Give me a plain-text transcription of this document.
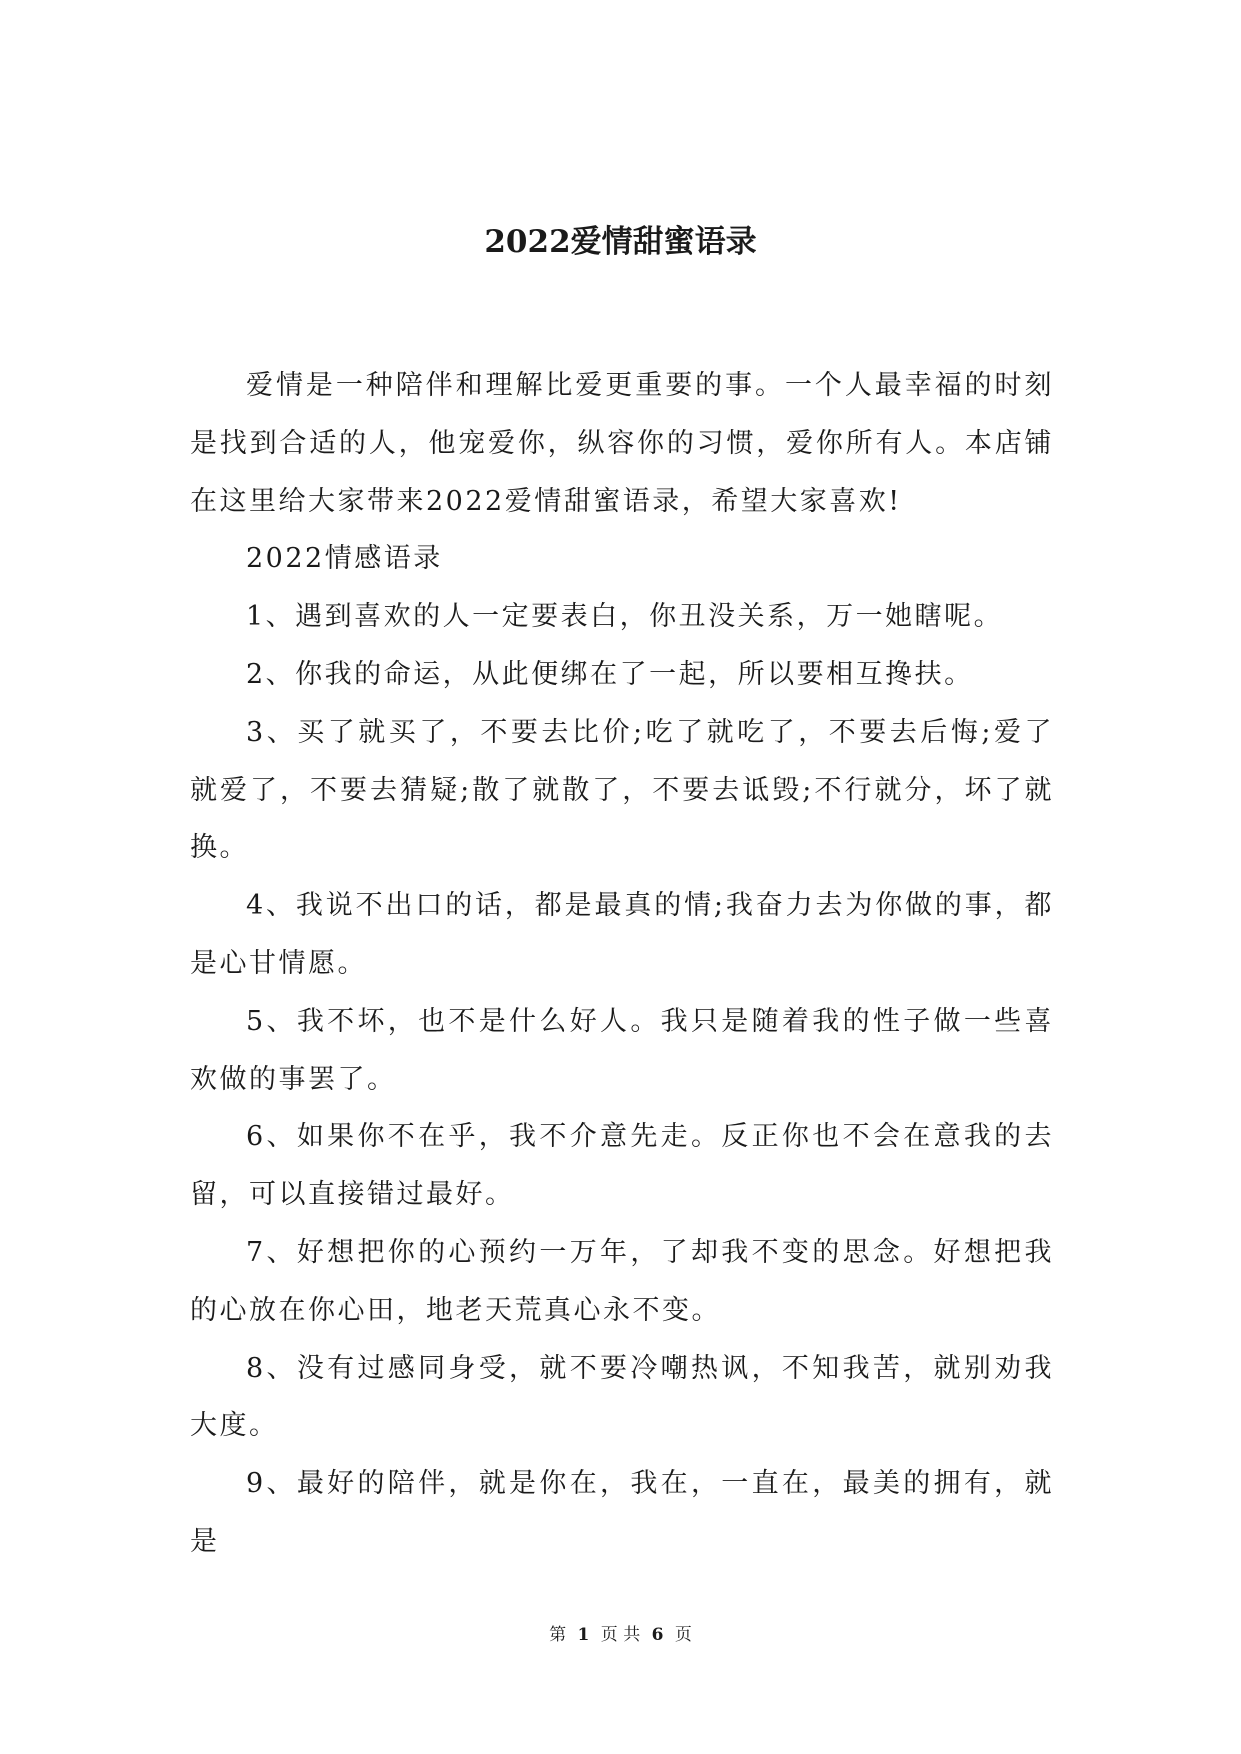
2022爱情甜蜜语录

爱情是一种陪伴和理解比爱更重要的事。一个人最幸福的时刻是找到合适的人，他宠爱你，纵容你的习惯，爱你所有人。本店铺在这里给大家带来2022爱情甜蜜语录，希望大家喜欢!

2022情感语录

1、遇到喜欢的人一定要表白，你丑没关系，万一她瞎呢。

2、你我的命运，从此便绑在了一起，所以要相互搀扶。

3、买了就买了，不要去比价;吃了就吃了，不要去后悔;爱了就爱了，不要去猜疑;散了就散了，不要去诋毁;不行就分，坏了就换。

4、我说不出口的话，都是最真的情;我奋力去为你做的事，都是心甘情愿。

5、我不坏，也不是什么好人。我只是随着我的性子做一些喜欢做的事罢了。

6、如果你不在乎，我不介意先走。反正你也不会在意我的去留，可以直接错过最好。

7、好想把你的心预约一万年，了却我不变的思念。好想把我的心放在你心田，地老天荒真心永不变。

8、没有过感同身受，就不要冷嘲热讽，不知我苦，就别劝我大度。

9、最好的陪伴，就是你在，我在，一直在，最美的拥有，就是

第 1 页 共 6 页
